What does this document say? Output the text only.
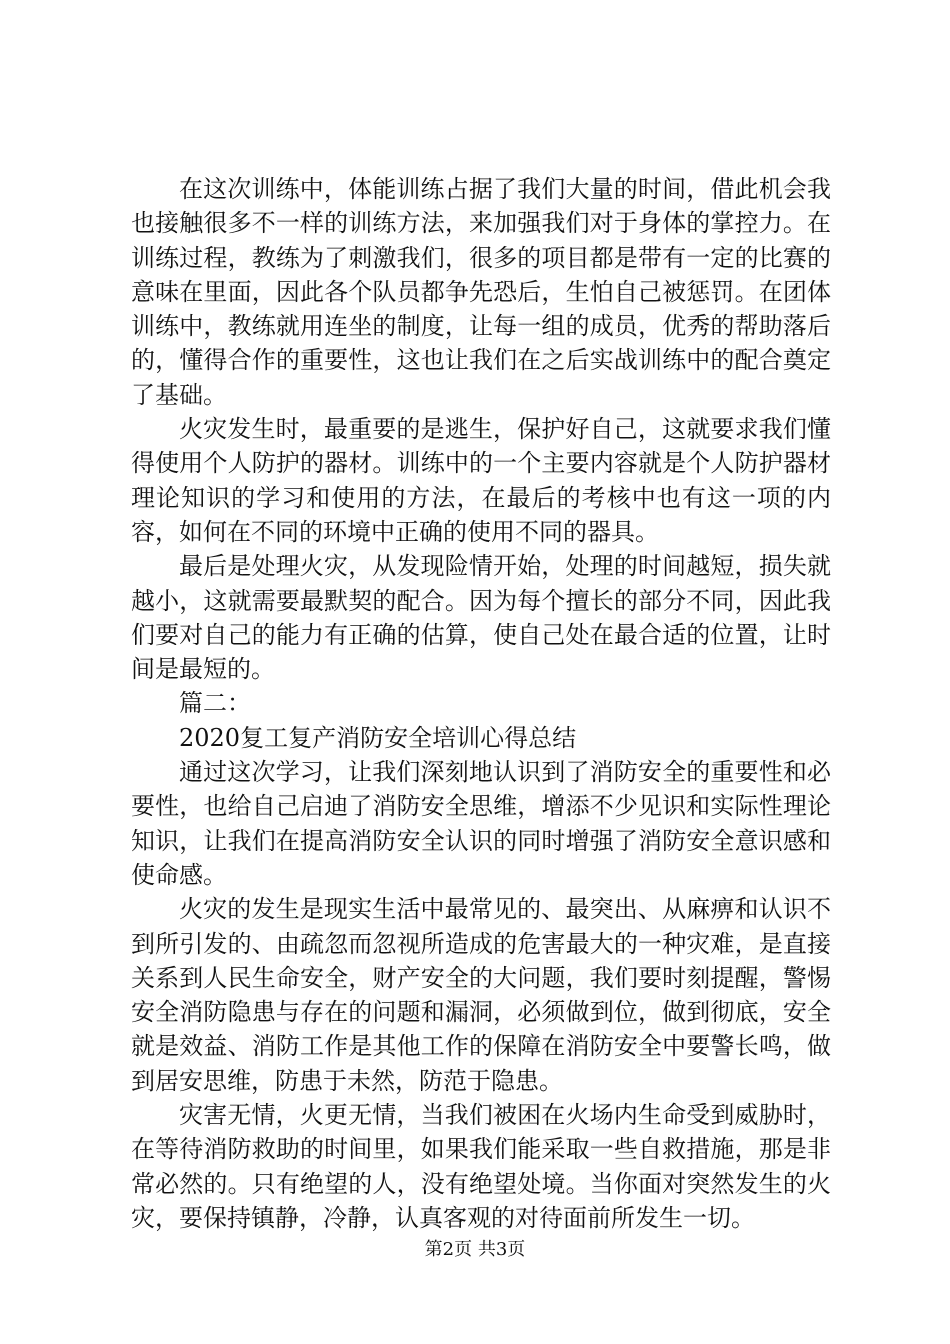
在这次训练中，体能训练占据了我们大量的时间，借此机会我也接触很多不一样的训练方法，来加强我们对于身体的掌控力。在训练过程，教练为了刺激我们，很多的项目都是带有一定的比赛的意味在里面，因此各个队员都争先恐后，生怕自己被惩罚。在团体训练中，教练就用连坐的制度，让每一组的成员，优秀的帮助落后的，懂得合作的重要性，这也让我们在之后实战训练中的配合奠定了基础。

火灾发生时，最重要的是逃生，保护好自己，这就要求我们懂得使用个人防护的器材。训练中的一个主要内容就是个人防护器材理论知识的学习和使用的方法，在最后的考核中也有这一项的内容，如何在不同的环境中正确的使用不同的器具。

最后是处理火灾，从发现险情开始，处理的时间越短，损失就越小，这就需要最默契的配合。因为每个擅长的部分不同，因此我们要对自己的能力有正确的估算，使自己处在最合适的位置，让时间是最短的。

篇二：

2020复工复产消防安全培训心得总结

通过这次学习，让我们深刻地认识到了消防安全的重要性和必要性，也给自己启迪了消防安全思维，增添不少见识和实际性理论知识，让我们在提高消防安全认识的同时增强了消防安全意识感和使命感。

火灾的发生是现实生活中最常见的、最突出、从麻痹和认识不到所引发的、由疏忽而忽视所造成的危害最大的一种灾难，是直接关系到人民生命安全，财产安全的大问题，我们要时刻提醒，警惕安全消防隐患与存在的问题和漏洞，必须做到位，做到彻底，安全就是效益、消防工作是其他工作的保障在消防安全中要警长鸣，做到居安思维，防患于未然，防范于隐患。

灾害无情，火更无情，当我们被困在火场内生命受到威胁时，在等待消防救助的时间里，如果我们能采取一些自救措施，那是非常必然的。只有绝望的人，没有绝望处境。当你面对突然发生的火灾，要保持镇静，冷静，认真客观的对待面前所发生一切。

第2页 共3页
